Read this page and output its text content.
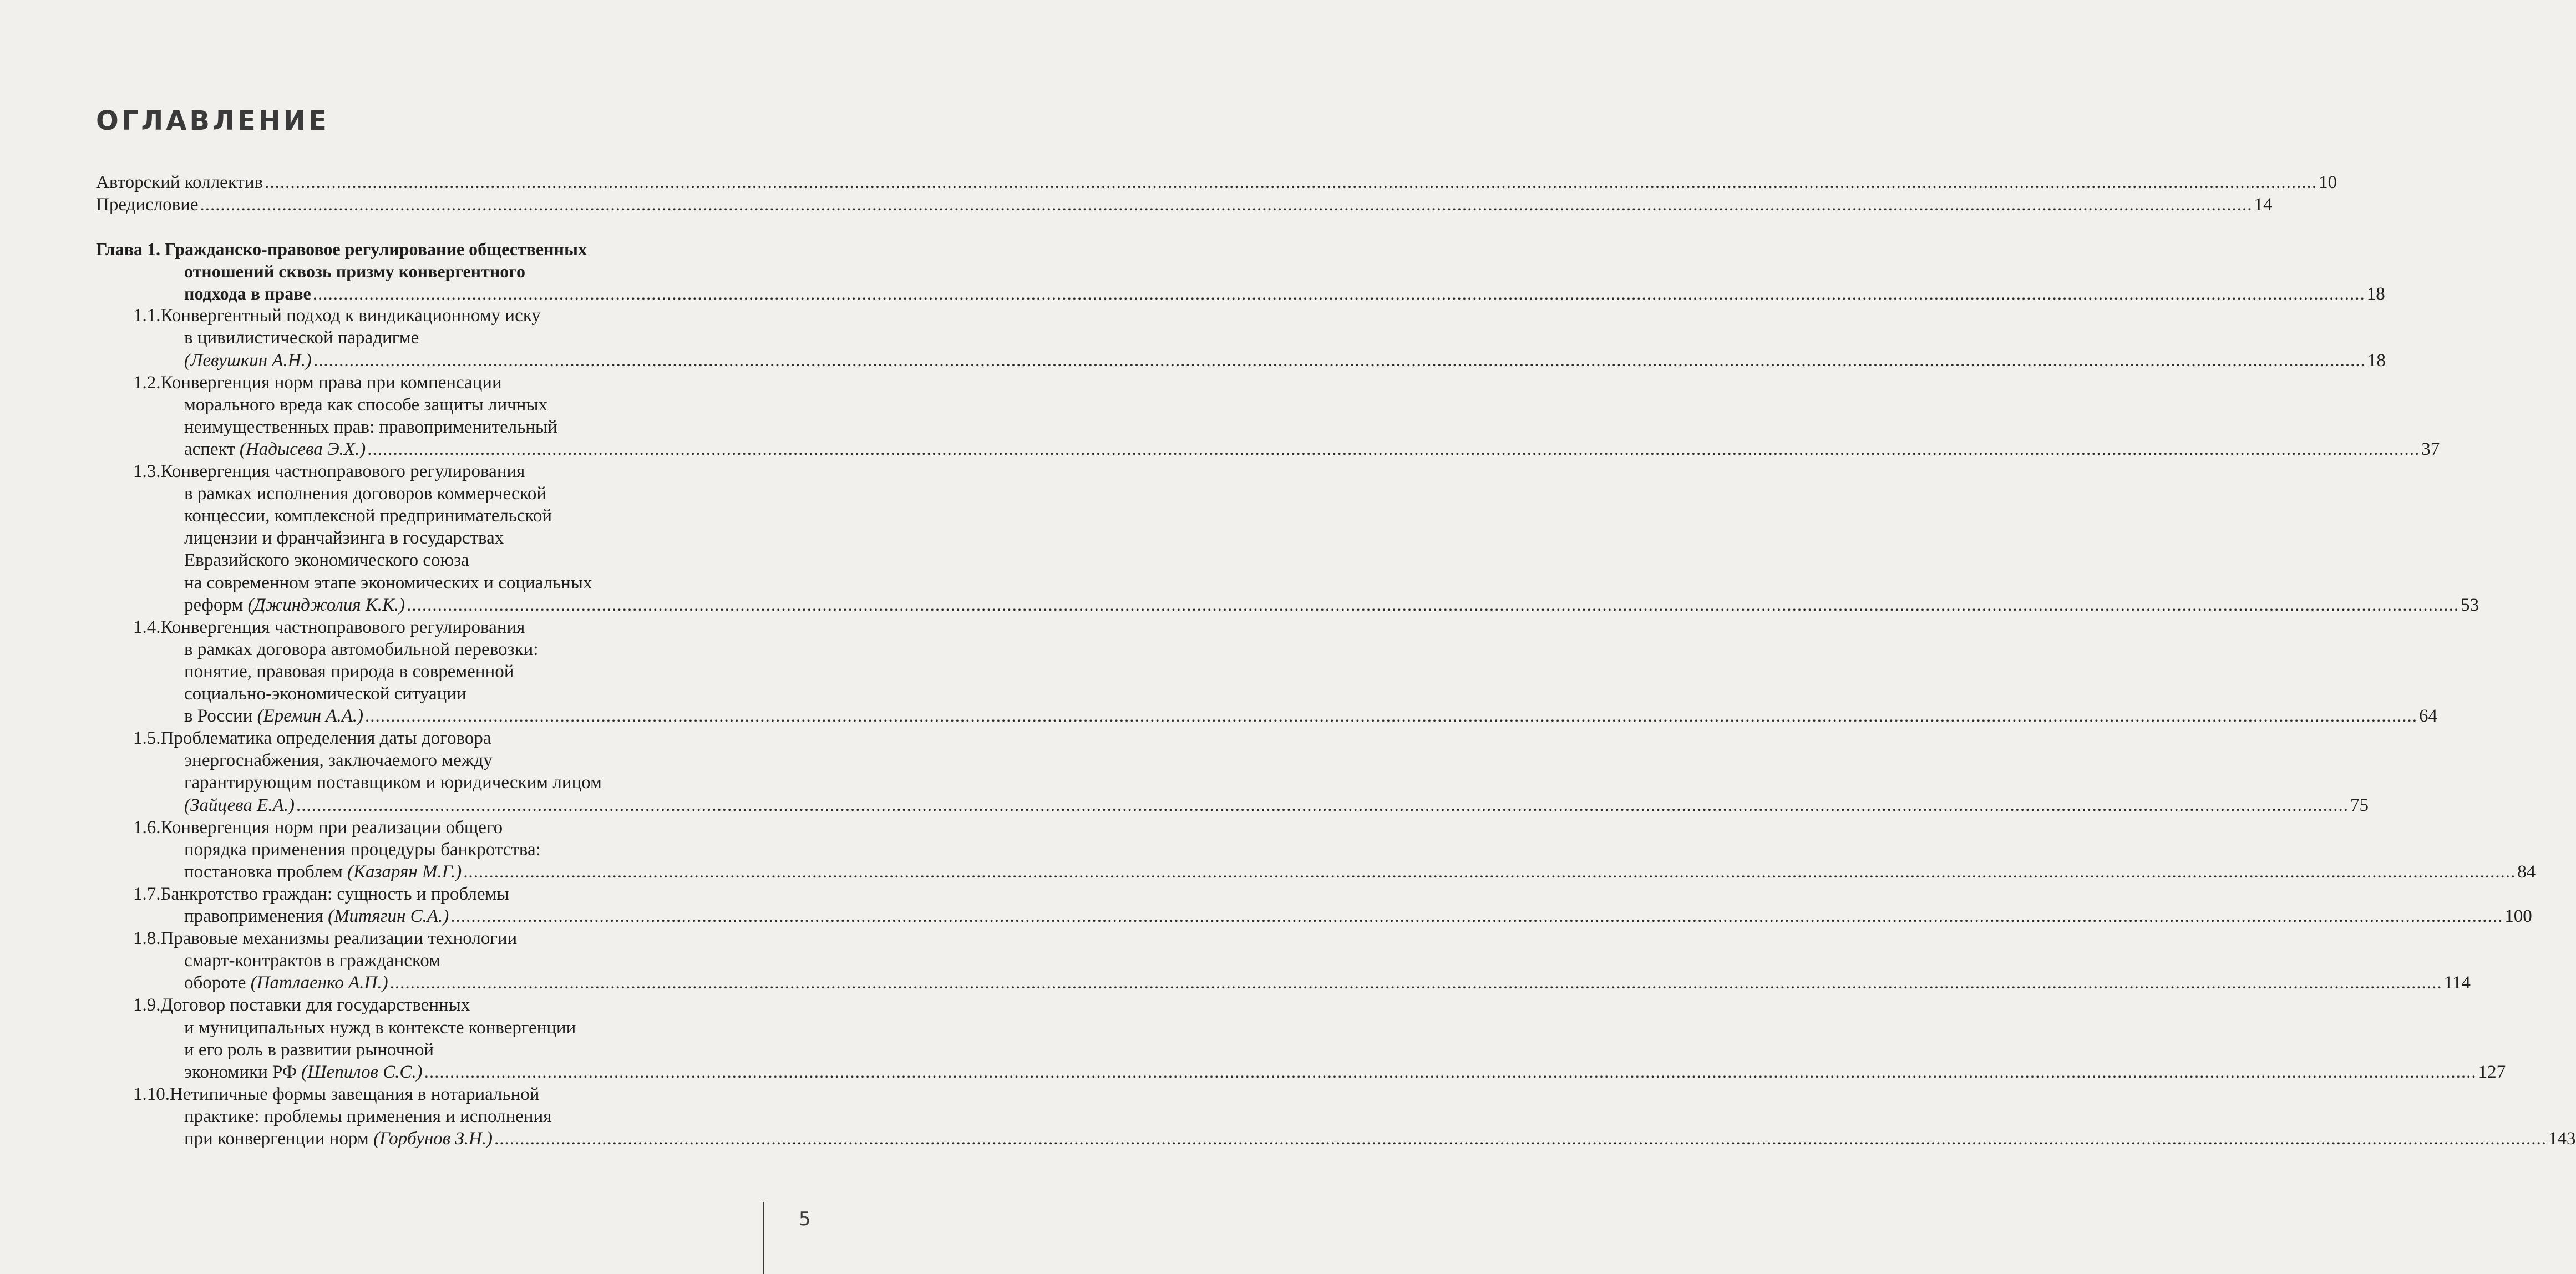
ОГЛАВЛЕНИЕ
Авторский коллектив ................................................................................................................................................................................................................................................................................................................................................................................................................ 10
Предисловие ................................................................................................................................................................................................................................................................................................................................................................................................................ 14
Глава 1. Гражданско-правовое регулирование общественных
отношений сквозь призму конвергентного
подхода в праве ................................................................................................................................................................................................................................................................................................................................................................................................................ 18
1.1.Конвергентный подход к виндикационному иску
в цивилистической парадигме
(Левушкин А.Н.) ................................................................................................................................................................................................................................................................................................................................................................................................................ 18
1.2.Конвергенция норм права при компенсации
морального вреда как способе защиты личных
неимущественных прав: правоприменительный
аспект (Надысева Э.Х.) ................................................................................................................................................................................................................................................................................................................................................................................................................ 37
1.3.Конвергенция частноправового регулирования
в рамках исполнения договоров коммерческой
концессии, комплексной предпринимательской
лицензии и франчайзинга в государствах
Евразийского экономического союза
на современном этапе экономических и социальных
реформ (Джинджолия К.К.) ................................................................................................................................................................................................................................................................................................................................................................................................................ 53
1.4.Конвергенция частноправового регулирования
в рамках договора автомобильной перевозки:
понятие, правовая природа в современной
социально-экономической ситуации
в России (Еремин А.А.) ................................................................................................................................................................................................................................................................................................................................................................................................................ 64
1.5.Проблематика определения даты договора
энергоснабжения, заключаемого между
гарантирующим поставщиком и юридическим лицом
(Зайцева Е.А.) ................................................................................................................................................................................................................................................................................................................................................................................................................ 75
1.6.Конвергенция норм при реализации общего
порядка применения процедуры банкротства:
постановка проблем (Казарян М.Г.) ................................................................................................................................................................................................................................................................................................................................................................................................................ 84
1.7.Банкротство граждан: сущность и проблемы
правоприменения (Митягин С.А.) ................................................................................................................................................................................................................................................................................................................................................................................................................ 100
1.8.Правовые механизмы реализации технологии
смарт-контрактов в гражданском
обороте (Патлаенко А.П.) ................................................................................................................................................................................................................................................................................................................................................................................................................ 114
1.9.Договор поставки для государственных
и муниципальных нужд в контексте конвергенции
и его роль в развитии рыночной
экономики РФ (Шепилов С.С.) ................................................................................................................................................................................................................................................................................................................................................................................................................ 127
1.10.Нетипичные формы завещания в нотариальной
практике: проблемы применения и исполнения
при конвергенции норм (Горбунов З.Н.) ................................................................................................................................................................................................................................................................................................................................................................................................................ 143
5
